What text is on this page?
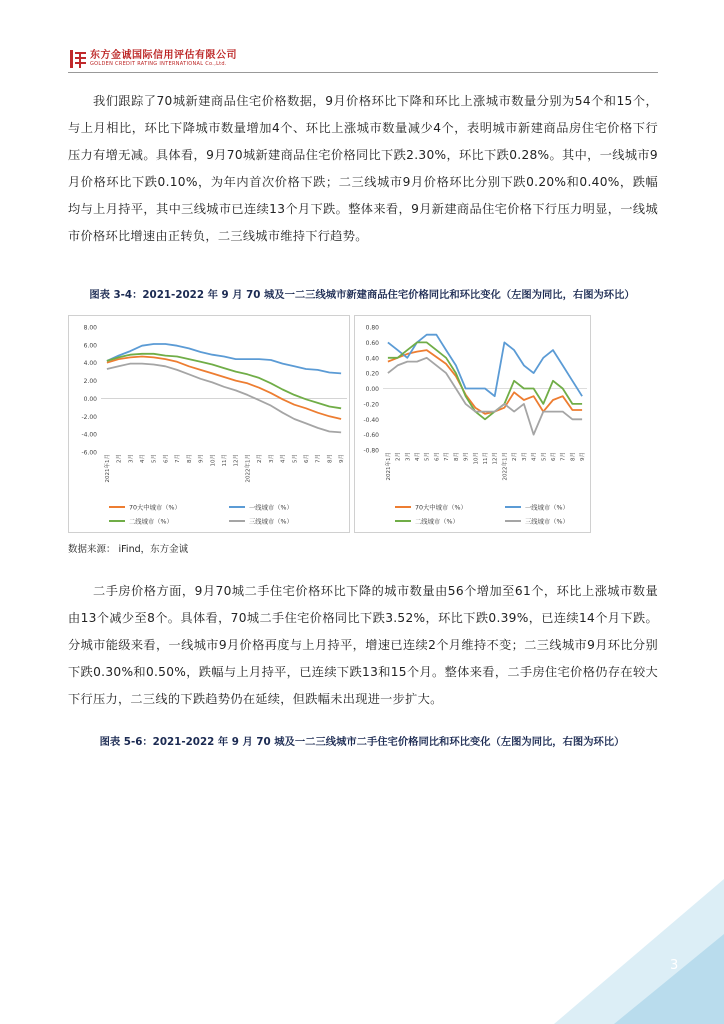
东方金诚国际信用评估有限公司
GOLDEN CREDIT RATING INTERNATIONAL Co.,Ltd.

我们跟踪了70城新建商品住宅价格数据，9月价格环比下降和环比上涨城市数量分别为54个和15个，与上月相比，环比下降城市数量增加4个、环比上涨城市数量减少4个，表明城市新建商品房住宅价格下行压力有增无减。具体看，9月70城新建商品住宅价格同比下跌2.30%，环比下跌0.28%。其中，一线城市9月价格环比下跌0.10%，为年内首次价格下跌；二三线城市9月价格环比分别下跌0.20%和0.40%，跌幅均与上月持平，其中三线城市已连续13个月下跌。整体来看，9月新建商品住宅价格下行压力明显，一线城市价格环比增速由正转负，二三线城市维持下行趋势。

图表 3-4：2021-2022 年 9 月 70 城及一二三线城市新建商品住宅价格同比和环比变化（左图为同比，右图为环比）
8.00
6.00
4.00
2.00
0.00
-2.00
-4.00
-6.00
2021年1月	2月	3月	4月	5月	6月	7月	8月	9月	10月	11月	12月	2022年1月	2月	3月	4月	5月	6月	7月	8月	9月
70大中城市（%）	一线城市（%）
二线城市（%）	三线城市（%）
0.80
0.60
0.40
0.20
0.00
-0.20
-0.40
-0.60
-0.80
2021年1月 2月 3月 4月 5月 6月 7月 8月 9月 10月 11月 12月 2022年1月 2月 3月 4月 5月 6月 7月 8月 9月
70大中城市（%）	一线城市（%）
二线城市（%）	三线城市（%）
数据来源： iFind，东方金诚

二手房价格方面，9月70城二手住宅价格环比下降的城市数量由56个增加至61个，环比上涨城市数量由13个减少至8个。具体看，70城二手住宅价格同比下跌3.52%，环比下跌0.39%，已连续14个月下跌。分城市能级来看，一线城市9月价格再度与上月持平，增速已连续2个月维持不变；二三线城市9月环比分别下跌0.30%和0.50%，跌幅与上月持平，已连续下跌13和15个月。整体来看，二手房住宅价格仍存在较大下行压力，二三线的下跌趋势仍在延续，但跌幅未出现进一步扩大。

图表 5-6：2021-2022 年 9 月 70 城及一二三线城市二手住宅价格同比和环比变化（左图为同比，右图为环比）
3
